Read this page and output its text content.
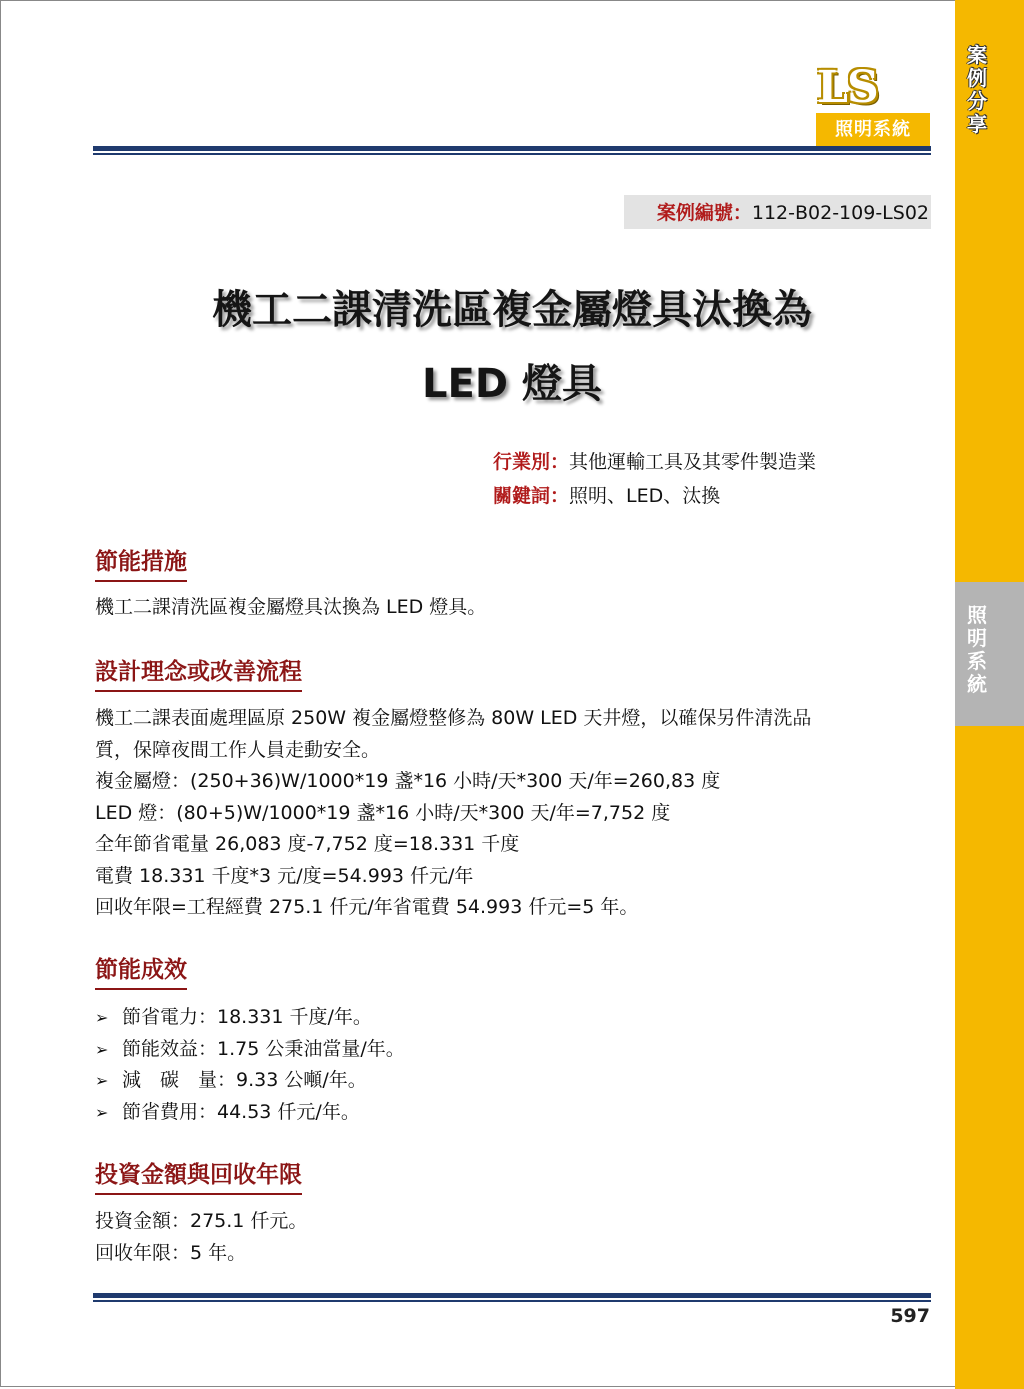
案例分享
照明系統
LS
照明系統
案例編號：112-B02-109-LS02
機工二課清洗區複金屬燈具汰換為
LED 燈具
行業別：其他運輸工具及其零件製造業
關鍵詞：照明、LED、汰換
節能措施
機工二課清洗區複金屬燈具汰換為 LED 燈具。
設計理念或改善流程
機工二課表面處理區原 250W 複金屬燈整修為 80W LED 天井燈，以確保另件清洗品
質，保障夜間工作人員走動安全。
複金屬燈：(250+36)W/1000*19 盞*16 小時/天*300 天/年=260,83 度
LED 燈：(80+5)W/1000*19 盞*16 小時/天*300 天/年=7,752 度
全年節省電量 26,083 度-7,752 度=18.331 千度
電費 18.331 千度*3 元/度=54.993 仟元/年
回收年限=工程經費 275.1 仟元/年省電費 54.993 仟元=5 年。
節能成效
➢ 節省電力：18.331 千度/年。
➢ 節能效益：1.75 公秉油當量/年。
➢ 減　碳　量：9.33 公噸/年。
➢ 節省費用：44.53 仟元/年。
投資金額與回收年限
投資金額：275.1 仟元。
回收年限：5 年。
597
